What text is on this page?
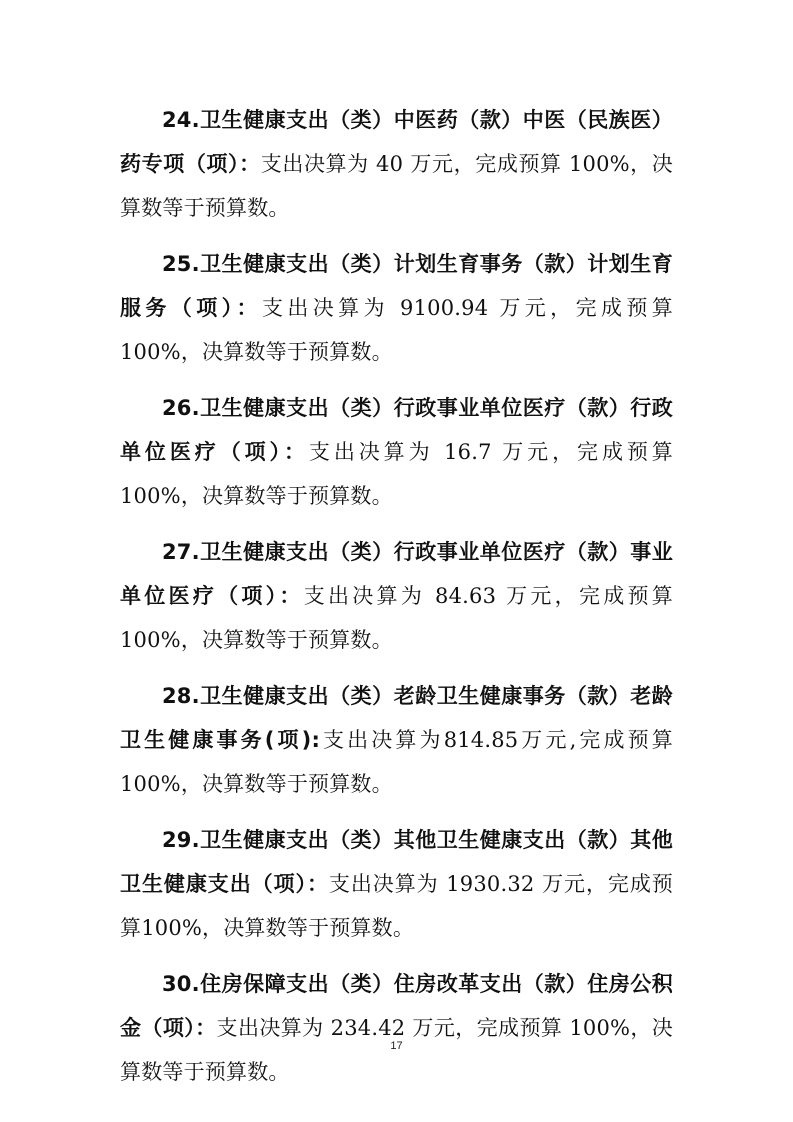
24.卫生健康支出（类）中医药（款）中医（民族医）药专项（项）：支出决算为 40 万元，完成预算 100%，决算数等于预算数。

25.卫生健康支出（类）计划生育事务（款）计划生育服务（项）：支出决算为 9100.94 万元，完成预算 100%，决算数等于预算数。

26.卫生健康支出（类）行政事业单位医疗（款）行政单位医疗（项）：支出决算为 16.7 万元，完成预算 100%，决算数等于预算数。

27.卫生健康支出（类）行政事业单位医疗（款）事业单位医疗（项）：支出决算为 84.63 万元，完成预算 100%，决算数等于预算数。

28.卫生健康支出（类）老龄卫生健康事务（款）老龄卫生健康事务(项):支出决算为814.85万元,完成预算100%，决算数等于预算数。

29.卫生健康支出（类）其他卫生健康支出（款）其他卫生健康支出（项）：支出决算为 1930.32 万元，完成预算100%，决算数等于预算数。

30.住房保障支出（类）住房改革支出（款）住房公积金（项）：支出决算为 234.42 万元，完成预算 100%，决算数等于预算数。

17
